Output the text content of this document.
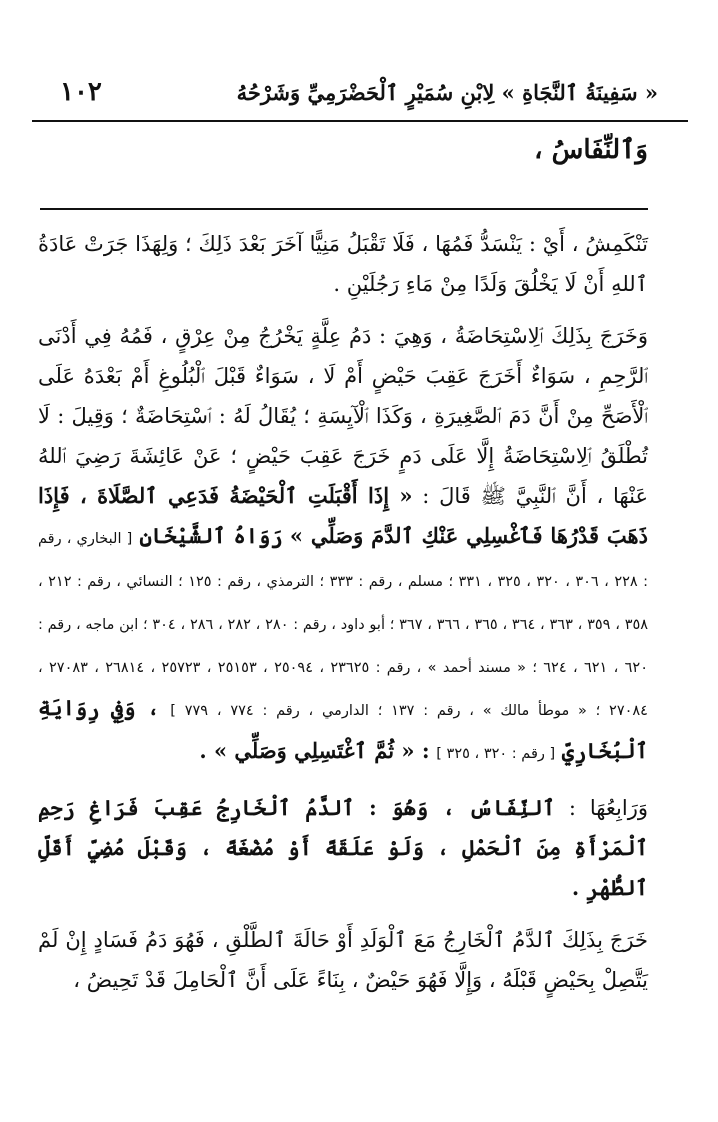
« سَفِينَةُ ٱلنَّجَاةِ » لِابْنِ سُمَيْرٍ ٱلْحَضْرَمِيِّ وَشَرْحُهُ
١٠٢
وَٱلنِّفَاسُ ،

تَنْكَمِشُ ، أَيْ : يَنْسَدُّ فَمُهَا ، فَلَا تَقْبَلُ مَنِيًّا آخَرَ بَعْدَ ذَلِكَ ؛ وَلِهَذَا جَرَتْ عَادَةُ ٱللهِ أَنْ لَا يَخْلُقَ وَلَدًا مِنْ مَاءِ رَجُلَيْنِ .

وَخَرَجَ بِذَلِكَ ٱلِاسْتِحَاضَةُ ، وَهِيَ : دَمُ عِلَّةٍ يَخْرُجُ مِنْ عِرْقٍ ، فَمُهُ فِي أَدْنَى ٱلرَّحِمِ ، سَوَاءٌ أَخَرَجَ عَقِبَ حَيْضٍ أَمْ لَا ، سَوَاءٌ قَبْلَ ٱلْبُلُوغِ أَمْ بَعْدَهُ عَلَى ٱلْأَصَحِّ مِنْ أَنَّ دَمَ ٱلصَّغِيرَةِ ، وَكَذَا ٱلْآيِسَةِ ؛ يُقَالُ لَهُ : ٱسْتِحَاضَةٌ ؛ وَقِيلَ : لَا تُطْلَقُ ٱلِاسْتِحَاضَةُ إِلَّا عَلَى دَمٍ خَرَجَ عَقِبَ حَيْضٍ ؛ عَنْ عَائِشَةَ رَضِيَ ٱللهُ عَنْهَا ، أَنَّ ٱلنَّبِيَّ ﷺ قَالَ : « إِذَا أَقْبَلَتِ ٱلْحَيْضَةُ فَدَعِي ٱلصَّلَاةَ ، فَإِذَا ذَهَبَ قَدْرُهَا فَٱغْسِلِي عَنْكِ ٱلدَّمَ وَصَلِّي » رَوَاهُ ٱلشَّيْخَانِ [ البخاري ، رقم : ٢٢٨ ، ٣٠٦ ، ٣٢٠ ، ٣٢٥ ، ٣٣١ ؛ مسلم ، رقم : ٣٣٣ ؛ الترمذي ، رقم : ١٢٥ ؛ النسائي ، رقم : ٢١٢ ، ٣٥٨ ، ٣٥٩ ، ٣٦٣ ، ٣٦٤ ، ٣٦٥ ، ٣٦٦ ، ٣٦٧ ؛ أبو داود ، رقم : ٢٨٠ ، ٢٨٢ ، ٢٨٦ ، ٣٠٤ ؛ ابن ماجه ، رقم : ٦٢٠ ، ٦٢١ ، ٦٢٤ ؛ « مسند أحمد » ، رقم : ٢٣٦٢٥ ، ٢٥٠٩٤ ، ٢٥١٥٣ ، ٢٥٧٢٣ ، ٢٦٨١٤ ، ٢٧٠٨٣ ، ٢٧٠٨٤ ؛ « موطأ مالك » ، رقم : ١٣٧ ؛ الدارمي ، رقم : ٧٧٤ ، ٧٧٩ ] ، وَفِي رِوَايَةِ ٱلْبُخَارِيِّ [ رقم : ٣٢٠ ، ٣٢٥ ] : « ثُمَّ ٱغْتَسِلِي وَصَلِّي » .

وَرَابِعُهَا : ٱلنِّفَاسُ ، وَهُوَ : ٱلدَّمُ ٱلْخَارِجُ عَقِبَ فَرَاغِ رَحِمِ ٱلْمَرْأَةِ مِنَ ٱلْحَمْلِ ، وَلَوْ عَلَقَةً أَوْ مُضْغَةً ، وَقَبْلَ مُضِيِّ أَقَلِّ ٱلطُّهْرِ .

خَرَجَ بِذَلِكَ ٱلدَّمُ ٱلْخَارِجُ مَعَ ٱلْوَلَدِ أَوْ حَالَةَ ٱلطَّلْقِ ، فَهُوَ دَمُ فَسَادٍ إِنْ لَمْ يَتَّصِلْ بِحَيْضٍ قَبْلَهُ ، وَإِلَّا فَهُوَ حَيْضٌ ، بِنَاءً عَلَى أَنَّ ٱلْحَامِلَ قَدْ تَحِيضُ ،
